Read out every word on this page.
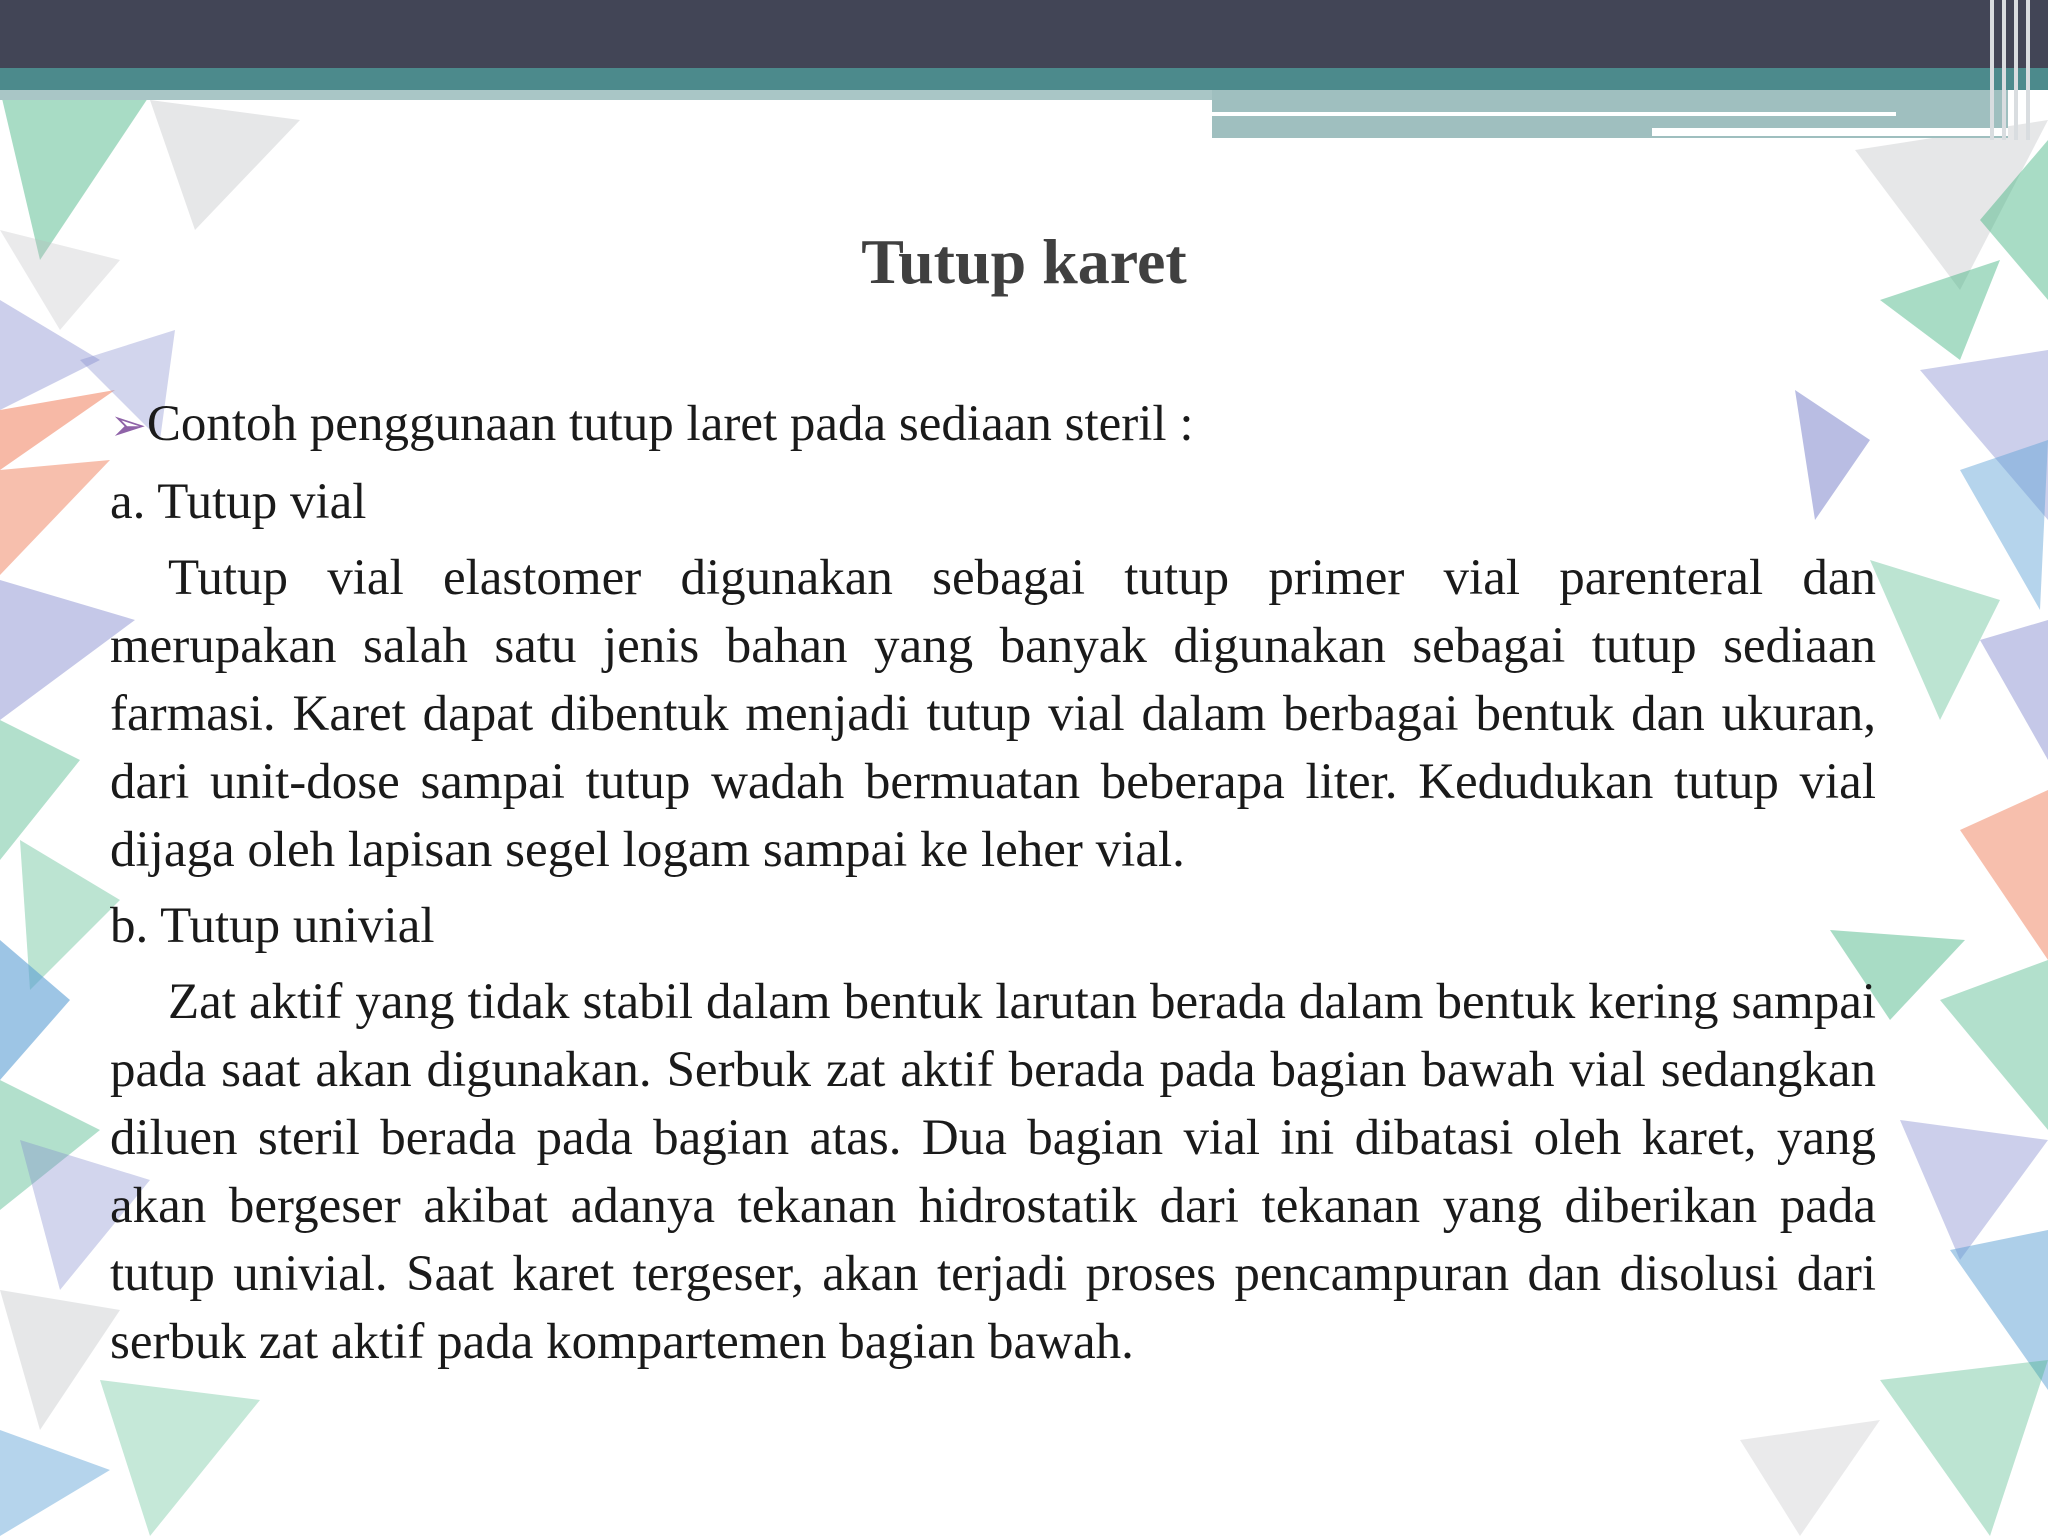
Tutup karet
➢Contoh penggunaan tutup laret pada sediaan steril :
a. Tutup vial
Tutup vial elastomer digunakan sebagai tutup primer vial parenteral dan merupakan salah satu jenis bahan yang banyak digunakan sebagai tutup sediaan farmasi. Karet dapat dibentuk menjadi tutup vial dalam berbagai bentuk dan ukuran, dari unit-dose sampai tutup wadah bermuatan beberapa liter. Kedudukan tutup vial dijaga oleh lapisan segel logam sampai ke leher vial.
b. Tutup univial
Zat aktif yang tidak stabil dalam bentuk larutan berada dalam bentuk kering sampai pada saat akan digunakan. Serbuk zat aktif berada pada bagian bawah vial sedangkan diluen steril berada pada bagian atas. Dua bagian vial ini dibatasi oleh karet, yang akan bergeser akibat adanya tekanan hidrostatik dari tekanan yang diberikan pada tutup univial. Saat karet tergeser, akan terjadi proses pencampuran dan disolusi dari serbuk zat aktif pada kompartemen bagian bawah.
